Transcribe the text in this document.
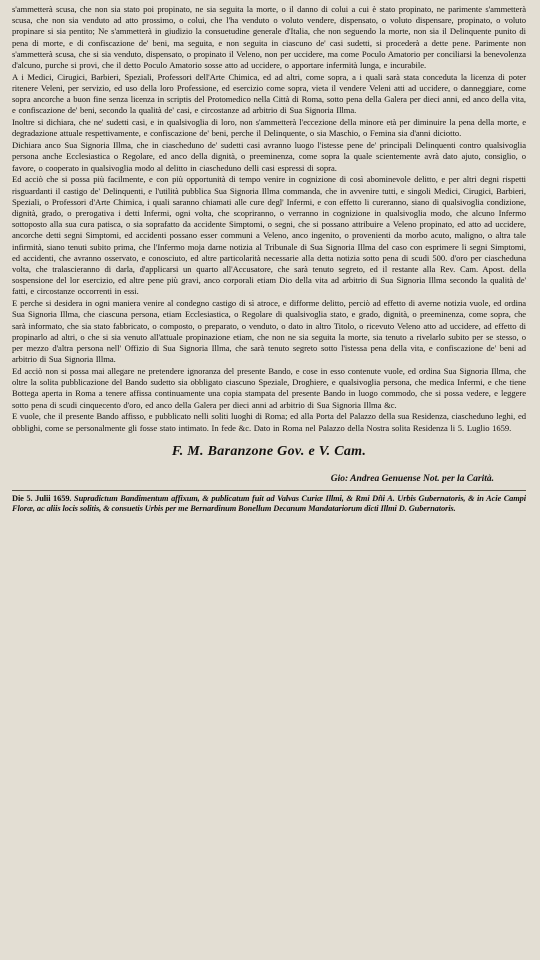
s'ammetterà scusa, che non sia stato poi propinato, ne sia seguita la morte, o il danno di colui a cui è stato propinato, ne parimente s'ammetterà scusa, che non sia venduto ad atto prossimo, o colui, che l'ha venduto o voluto vendere, dispensato, o voluto dispensare, propinato, o voluto propinare si sia pentito; Ne s'ammetterà in giudizio la consuetudine generale d'Italia, che non seguendo la morte, non sia il Delinquente punito di pena di morte, e di confiscazione de' beni, ma seguita, e non seguita in ciascuno de' casi sudetti, si procederà a dette pene. Parimente non s'ammetterà scusa, che si sia venduto, dispensato, o propinato il Veleno, non per uccidere, ma come Poculo Amatorio per conciliarsi la benevolenza d'alcuno, purche si provi, che il detto Poculo Amatorio sosse atto ad uccidere, o apportare infermità lunga, e incurabile.

A i Medici, Cirugici, Barbieri, Speziali, Professori dell'Arte Chimica, ed ad altri, come sopra, a i quali sarà stata conceduta la licenza di poter ritenere Veleni, per servizio, ed uso della loro Professione, ed esercizio come sopra, vieta il vendere Veleni atti ad uccidere, o danneggiare, come sopra ancorche a buon fine senza licenza in scriptis del Protomedico nella Città di Roma, sotto pena della Galera per dieci anni, ed anco della vita, e confiscazione de' beni, secondo la qualità de' casi, e circostanze ad arbitrio di Sua Signoria Illma.

Inoltre si dichiara, che ne' sudetti casi, e in qualsivoglia di loro, non s'ammetterà l'eccezione della minore età per diminuire la pena della morte, e degradazione attuale respettivamente, e confiscazione de' beni, perche il Delinquente, o sia Maschio, o Femina sia d'anni diciotto.

Dichiara anco Sua Signoria Illma, che in ciascheduno de' sudetti casi avranno luogo l'istesse pene de' principali Delinquenti contro qualsivoglia persona anche Ecclesiastica o Regolare, ed anco della dignità, o preeminenza, come sopra la quale scientemente avrà dato ajuto, consiglio, o favore, o cooperato in qualsivoglia modo al delitto in ciascheduno delli casi espressi di sopra.

Ed acciò che si possa più facilmente, e con più opportunità di tempo venire in cognizione di così abominevole delitto, e per altri degni rispetti risguardanti il castigo de' Delinquenti, e l'utilità pubblica Sua Signoria Illma commanda, che in avvenire tutti, e singoli Medici, Cirugici, Barbieri, Speziali, o Professori d'Arte Chimica, i quali saranno chiamati alle cure degl' Infermi, e con effetto li cureranno, siano di qualsivoglia condizione, dignità, grado, o prerogativa i detti Infermi, ogni volta, che scopriranno, o verranno in cognizione in qualsivoglia modo, che alcuno Infermo sottoposto alla sua cura patisca, o sia soprafatto da accidente Simptomi, o segni, che si possano attribuire a Veleno propinato, ed atto ad uccidere, ancorche detti segni Simptomi, ed accidenti possano esser communi a Veleno, anco ingenito, o provenienti da morbo acuto, maligno, o altra tale infirmità, siano tenuti subito prima, che l'Infermo moja darne notizia al Tribunale di Sua Signoria Illma del caso con esprimere li segni Simptomi, ed accidenti, che avranno osservato, e conosciuto, ed altre particolarità necessarie alla detta notizia sotto pena di scudi 500. d'oro per ciascheduna volta, che tralascieranno di darla, d'applicarsi un quarto all'Accusatore, che sarà tenuto segreto, ed il restante alla Rev. Cam. Apost. della sospensione del lor esercizio, ed altre pene più gravi, anco corporali etiam Dio della vita ad arbitrio di Sua Signoria Illma secondo la qualità de' fatti, e circostanze occorrenti in essi.

E perche si desidera in ogni maniera venire al condegno castigo di sì atroce, e difforme delitto, perciò ad effetto di averne notizia vuole, ed ordina Sua Signoria Illma, che ciascuna persona, etiam Ecclesiastica, o Regolare di qualsivoglia stato, e grado, dignità, o preeminenza, come sopra, che sarà informato, che sia stato fabbricato, o composto, o preparato, o venduto, o dato in altro Titolo, o ricevuto Veleno atto ad uccidere, ad effetto di propinarlo ad altri, o che si sia venuto all'attuale propinazione etiam, che non ne sia seguita la morte, sia tenuto a rivelarlo subito per se stesso, o per mezzo d'altra persona nell' Offizio di Sua Signoria Illma, che sarà tenuto segreto sotto l'istessa pena della vita, e confiscazione de' beni ad arbitrio di Sua Signoria Illma.

Ed acciò non si possa mai allegare ne pretendere ignoranza del presente Bando, e cose in esso contenute vuole, ed ordina Sua Signoria Illma, che oltre la solita pubblicazione del Bando sudetto sia obbligato ciascuno Speziale, Droghiere, e qualsivoglia persona, che medica Infermi, e che tiene Bottega aperta in Roma a tenere affissa continuamente una copia stampata del presente Bando in luogo commodo, che si possa vedere, e leggere sotto pena di scudi cinquecento d'oro, ed anco della Galera per dieci anni ad arbitrio di Sua Signoria Illma &c.

E vuole, che il presente Bando affisso, e pubblicato nelli soliti luoghi di Roma; ed alla Porta del Palazzo della sua Residenza, ciascheduno leghi, ed obblighi, come se personalmente gli fosse stato intimato. In fede &c. Dato in Roma nel Palazzo della Nostra solita Residenza li 5. Luglio 1659.

F. M. Baranzone Gov. e V. Cam.
Gio: Andrea Genuense Not. per la Carità.
Die 5. Julii 1659. Supradictum Bandimentum affixum, & publicatum fuit ad Valvas Curiæ Illmi, & Rmi Dñi A. Urbis Gubernatoris, & in Acie Campi Floræ, ac aliis locis solitis, & consuetis Urbis per me Bernardinum Bonellum Decanum Mandatariorum dicti Illmi D. Gubernatoris.
